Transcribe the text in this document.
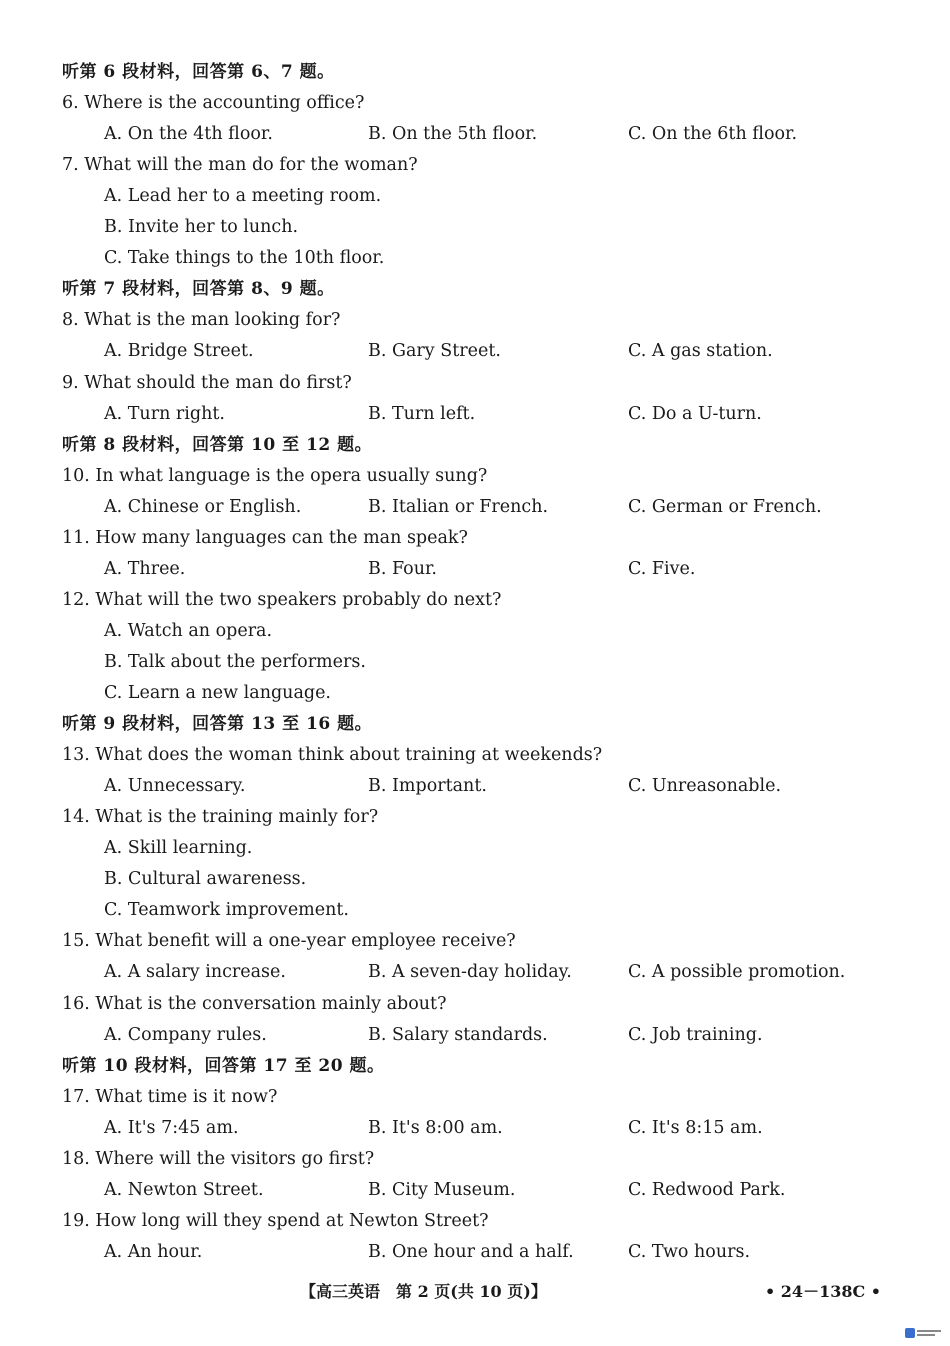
听第 6 段材料，回答第 6、7 题。
6. Where is the accounting office?
A. On the 4th floor.	B. On the 5th floor.	C. On the 6th floor.
7. What will the man do for the woman?
A. Lead her to a meeting room.
B. Invite her to lunch.
C. Take things to the 10th floor.
听第 7 段材料，回答第 8、9 题。
8. What is the man looking for?
A. Bridge Street.	B. Gary Street.	C. A gas station.
9. What should the man do first?
A. Turn right.	B. Turn left.	C. Do a U-turn.
听第 8 段材料，回答第 10 至 12 题。
10. In what language is the opera usually sung?
A. Chinese or English.	B. Italian or French.	C. German or French.
11. How many languages can the man speak?
A. Three.	B. Four.	C. Five.
12. What will the two speakers probably do next?
A. Watch an opera.
B. Talk about the performers.
C. Learn a new language.
听第 9 段材料，回答第 13 至 16 题。
13. What does the woman think about training at weekends?
A. Unnecessary.	B. Important.	C. Unreasonable.
14. What is the training mainly for?
A. Skill learning.
B. Cultural awareness.
C. Teamwork improvement.
15. What benefit will a one-year employee receive?
A. A salary increase.	B. A seven-day holiday.	C. A possible promotion.
16. What is the conversation mainly about?
A. Company rules.	B. Salary standards.	C. Job training.
听第 10 段材料，回答第 17 至 20 题。
17. What time is it now?
A. It's 7:45 am.	B. It's 8:00 am.	C. It's 8:15 am.
18. Where will the visitors go first?
A. Newton Street.	B. City Museum.	C. Redwood Park.
19. How long will they spend at Newton Street?
A. An hour.	B. One hour and a half.	C. Two hours.
【高三英语　第 2 页(共 10 页)】	• 24－138C •
